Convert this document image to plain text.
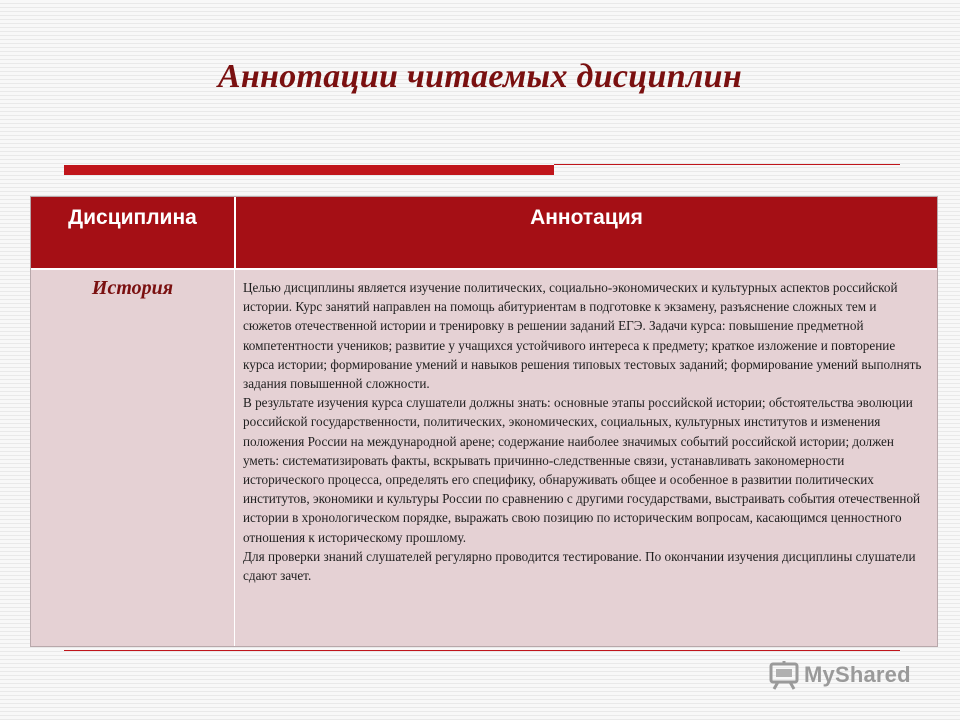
Аннотации читаемых дисциплин
Дисциплина	Аннотация
История	Целью дисциплины является изучение политических, социально-экономических и культурных аспектов российской истории. Курс занятий направлен на помощь абитуриентам в подготовке к экзамену, разъяснение сложных тем и сюжетов отечественной истории и тренировку в решении заданий ЕГЭ. Задачи курса: повышение предметной компетентности учеников; развитие у учащихся устойчивого интереса к предмету; краткое изложение и повторение курса истории; формирование умений и навыков решения типовых тестовых заданий; формирование умений выполнять задания повышенной сложности.

В результате изучения курса слушатели должны знать: основные этапы российской истории; обстоятельства эволюции российской государственности, политических, экономических, социальных, культурных институтов и изменения положения России на международной арене; содержание наиболее значимых событий российской истории; должен уметь: систематизировать факты, вскрывать причинно-следственные связи, устанавливать закономерности исторического процесса, определять его специфику, обнаруживать общее и особенное в развитии политических институтов, экономики и культуры России по сравнению с другими государствами, выстраивать события отечественной истории в хронологическом порядке, выражать свою позицию по историческим вопросам, касающимся ценностного отношения к историческому прошлому.

Для проверки знаний слушателей регулярно проводится тестирование. По окончании изучения дисциплины слушатели сдают зачет.

MyShared
